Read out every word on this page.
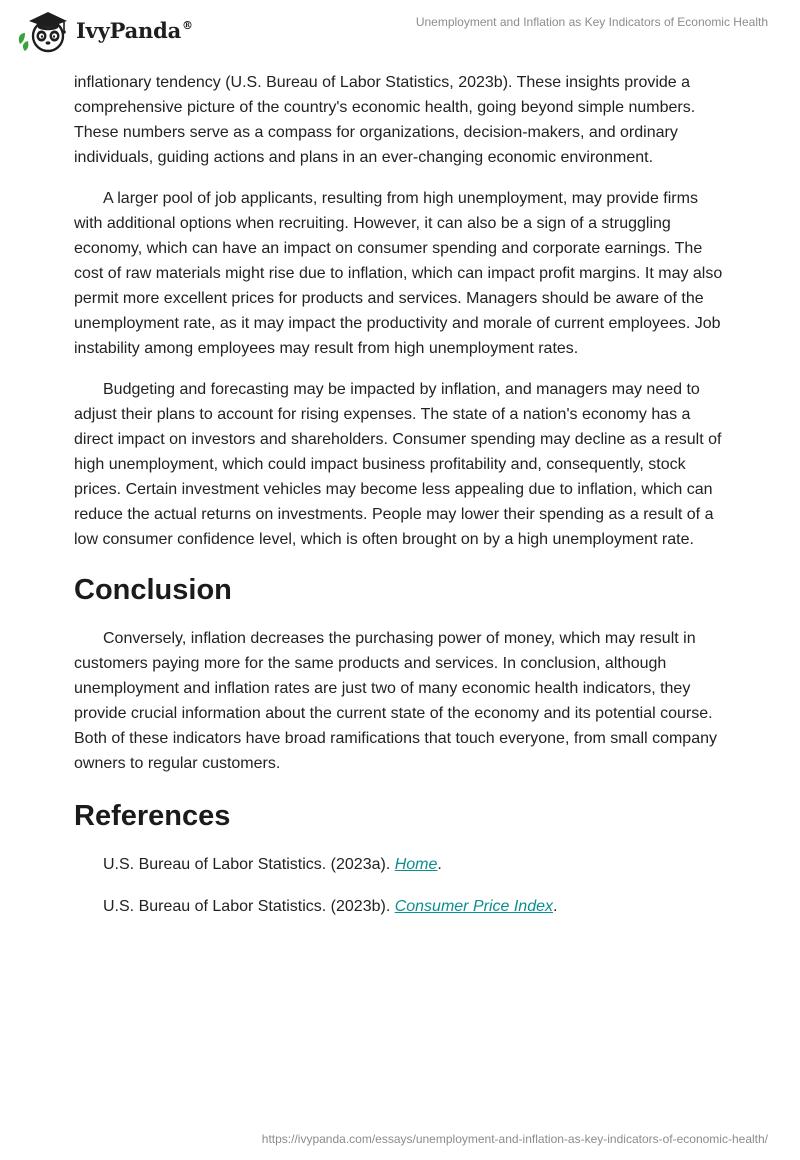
IvyPanda®	Unemployment and Inflation as Key Indicators of Economic Health

inflationary tendency (U.S. Bureau of Labor Statistics, 2023b). These insights provide a comprehensive picture of the country's economic health, going beyond simple numbers. These numbers serve as a compass for organizations, decision-makers, and ordinary individuals, guiding actions and plans in an ever-changing economic environment.

A larger pool of job applicants, resulting from high unemployment, may provide firms with additional options when recruiting. However, it can also be a sign of a struggling economy, which can have an impact on consumer spending and corporate earnings. The cost of raw materials might rise due to inflation, which can impact profit margins. It may also permit more excellent prices for products and services. Managers should be aware of the unemployment rate, as it may impact the productivity and morale of current employees. Job instability among employees may result from high unemployment rates.

Budgeting and forecasting may be impacted by inflation, and managers may need to adjust their plans to account for rising expenses. The state of a nation's economy has a direct impact on investors and shareholders. Consumer spending may decline as a result of high unemployment, which could impact business profitability and, consequently, stock prices. Certain investment vehicles may become less appealing due to inflation, which can reduce the actual returns on investments. People may lower their spending as a result of a low consumer confidence level, which is often brought on by a high unemployment rate.

Conclusion

Conversely, inflation decreases the purchasing power of money, which may result in customers paying more for the same products and services. In conclusion, although unemployment and inflation rates are just two of many economic health indicators, they provide crucial information about the current state of the economy and its potential course. Both of these indicators have broad ramifications that touch everyone, from small company owners to regular customers.

References
U.S. Bureau of Labor Statistics. (2023a). Home.
U.S. Bureau of Labor Statistics. (2023b). Consumer Price Index.
https://ivypanda.com/essays/unemployment-and-inflation-as-key-indicators-of-economic-health/
